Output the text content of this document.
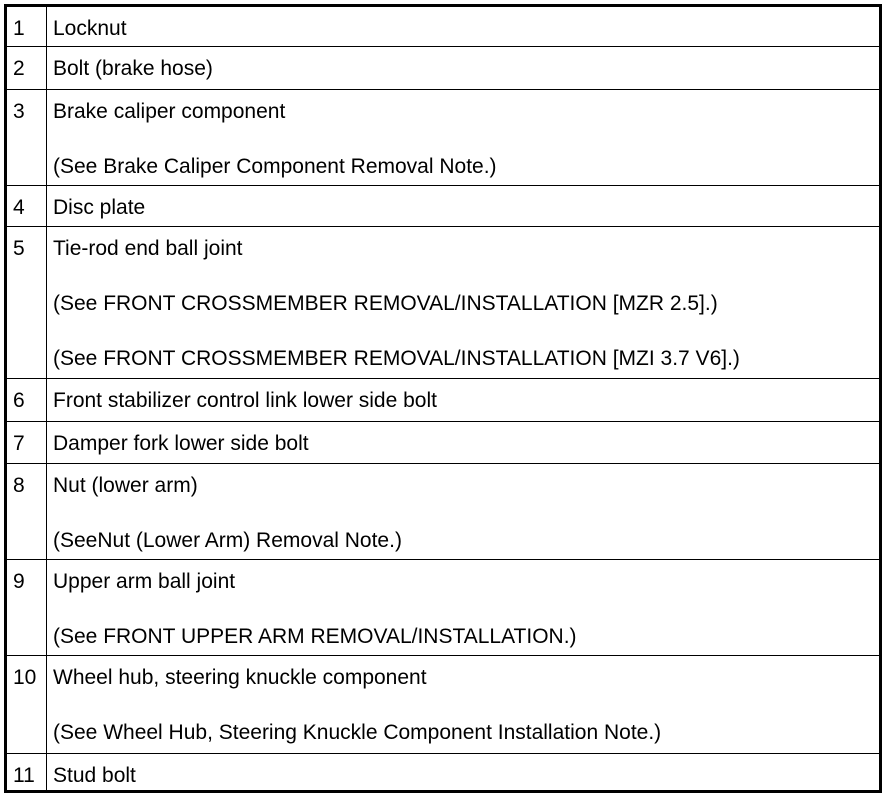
1	Locknut

2	Bolt (brake hose)

3	Brake caliper component
(See Brake Caliper Component Removal Note.)

4	Disc plate

5	Tie-rod end ball joint
(See FRONT CROSSMEMBER REMOVAL/INSTALLATION [MZR 2.5].)
(See FRONT CROSSMEMBER REMOVAL/INSTALLATION [MZI 3.7 V6].)

6	Front stabilizer control link lower side bolt

7	Damper fork lower side bolt

8	Nut (lower arm)
(SeeNut (Lower Arm) Removal Note.)

9	Upper arm ball joint
(See FRONT UPPER ARM REMOVAL/INSTALLATION.)

10	Wheel hub, steering knuckle component
(See Wheel Hub, Steering Knuckle Component Installation Note.)

11	Stud bolt
